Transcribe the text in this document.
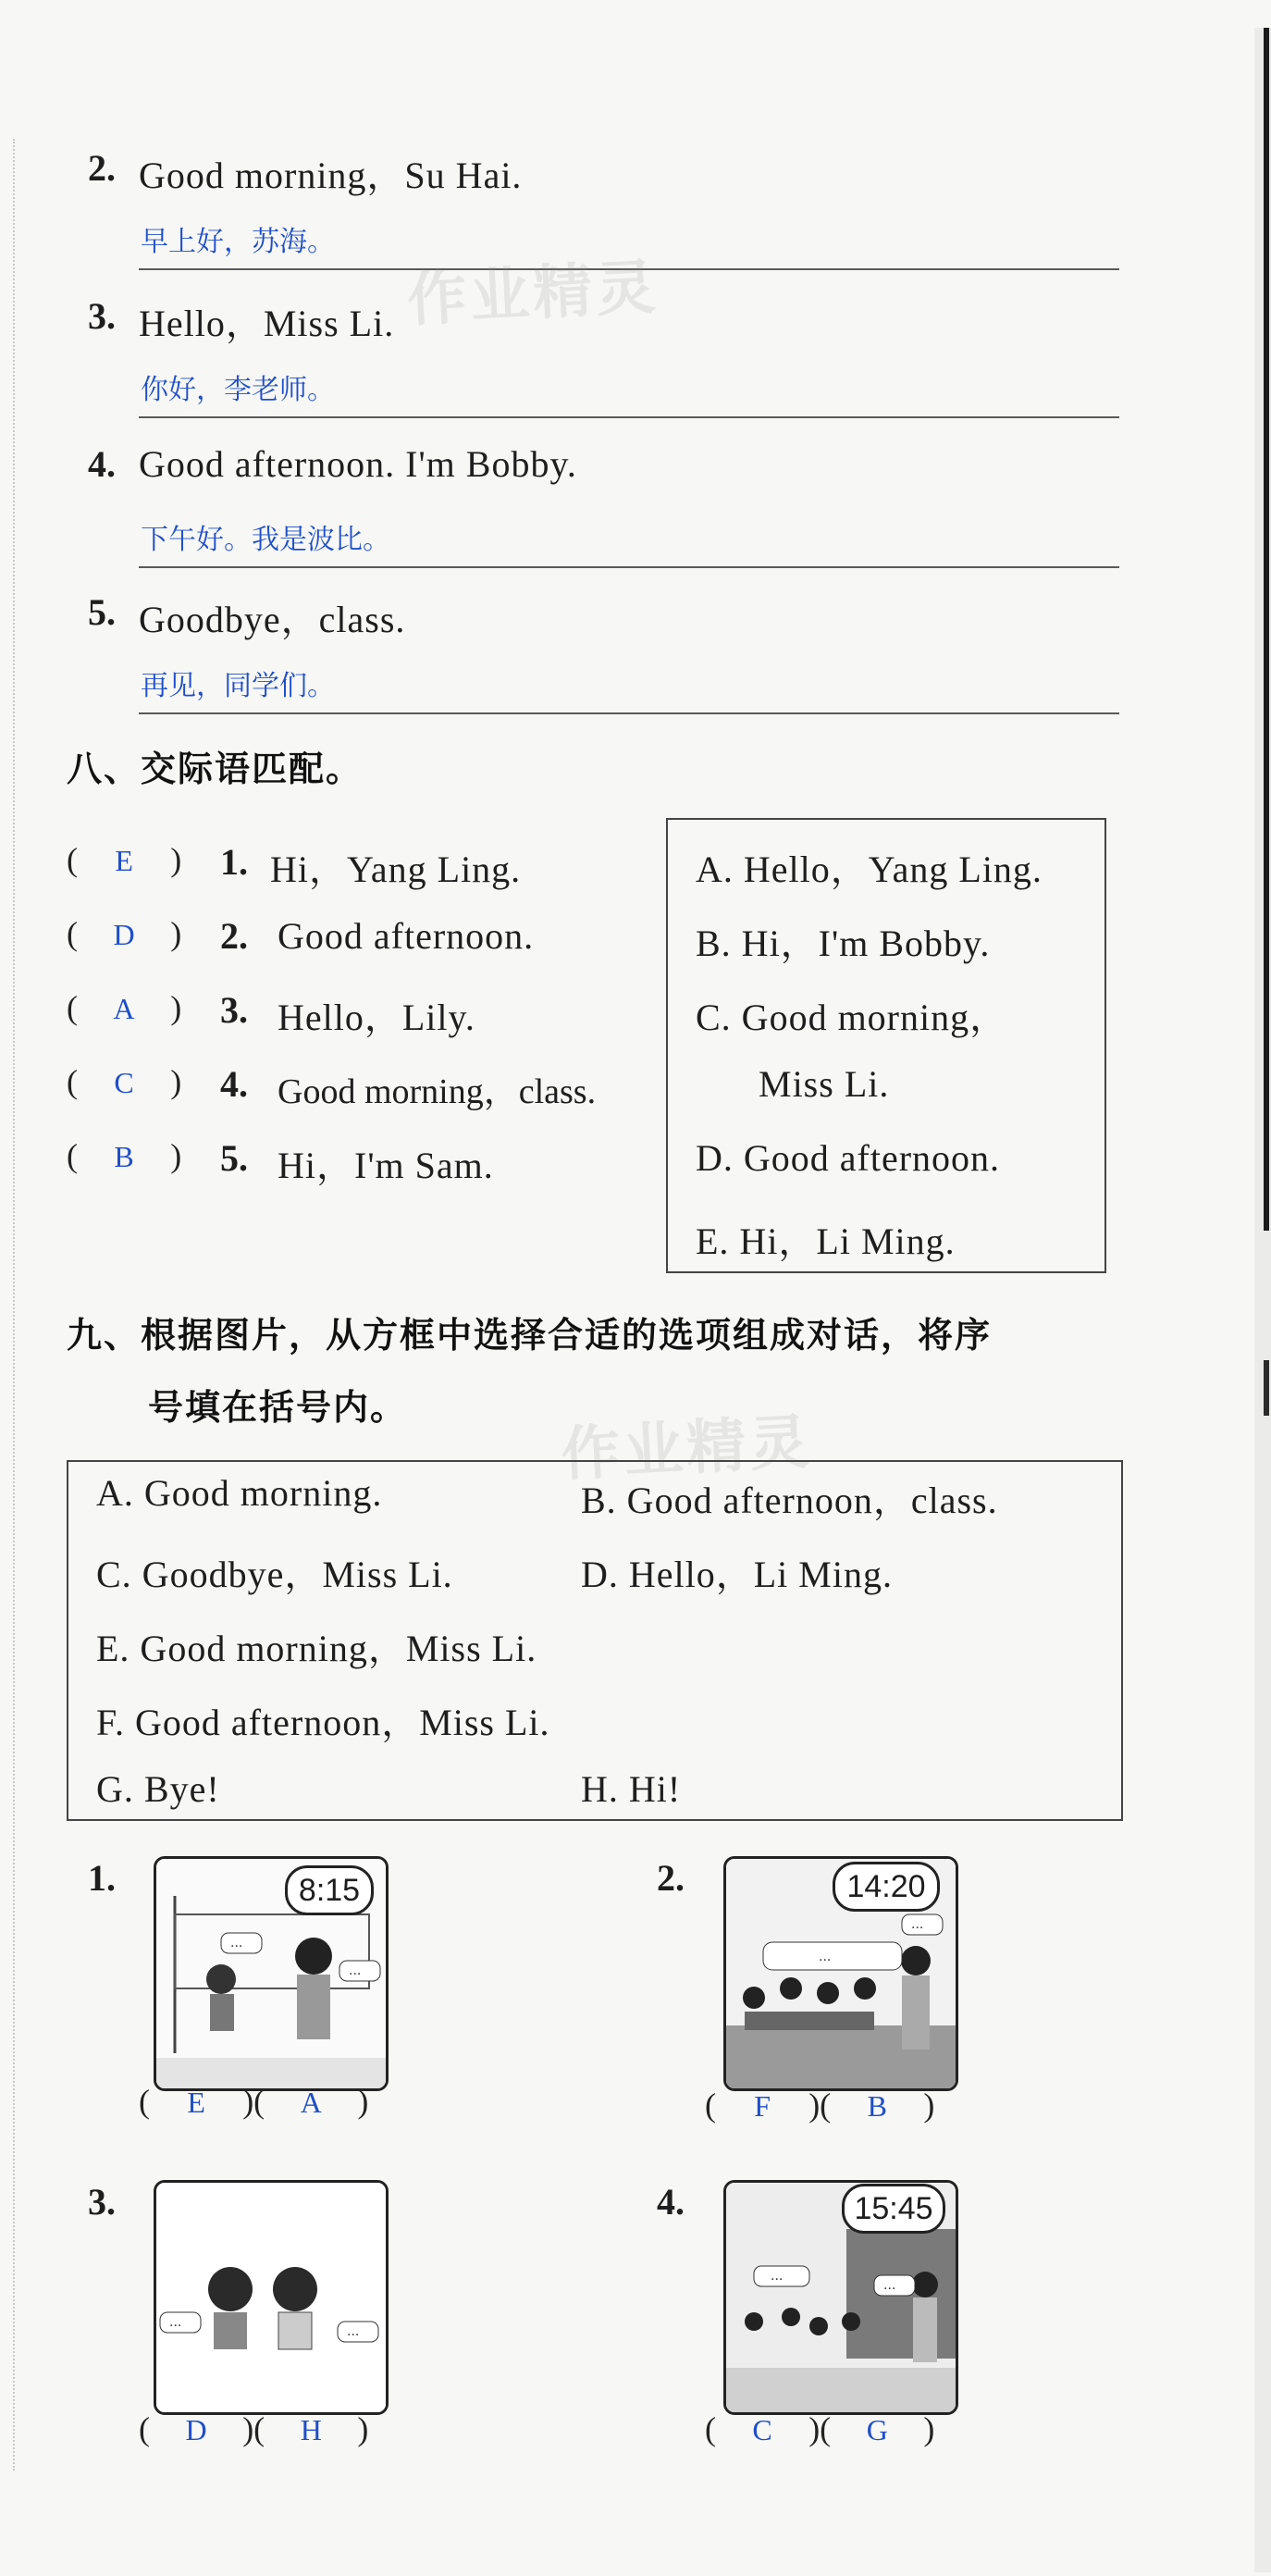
2. Good morning，Su Hai.
早上好，苏海。
3. Hello，Miss Li.
你好，李老师。
4. Good afternoon. I'm Bobby.
下午好。我是波比。
5. Goodbye，class.
再见，同学们。
作业精灵
八、交际语匹配。
( E ) 1. Hi，Yang Ling.
( D ) 2. Good afternoon.
( A ) 3. Hello，Lily.
( C ) 4. Good morning，class.
( B ) 5. Hi，I'm Sam.
A. Hello，Yang Ling.
B. Hi，I'm Bobby.
C. Good morning，
Miss Li.
D. Good afternoon.
E. Hi，Li Ming.
九、根据图片，从方框中选择合适的选项组成对话，将序
号填在括号内。
作业精灵
A. Good morning.	B. Good afternoon，class.
C. Goodbye，Miss Li.	D. Hello，Li Ming.
E. Good morning，Miss Li.
F. Good afternoon，Miss Li.
G. Bye!	H. Hi!
1.
...
...
8:15
( E )( A )
2.
...
...
14:20
( F )( B )
3.
...
...
( D )( H )
4.
...
...
15:45
( C )( G )
